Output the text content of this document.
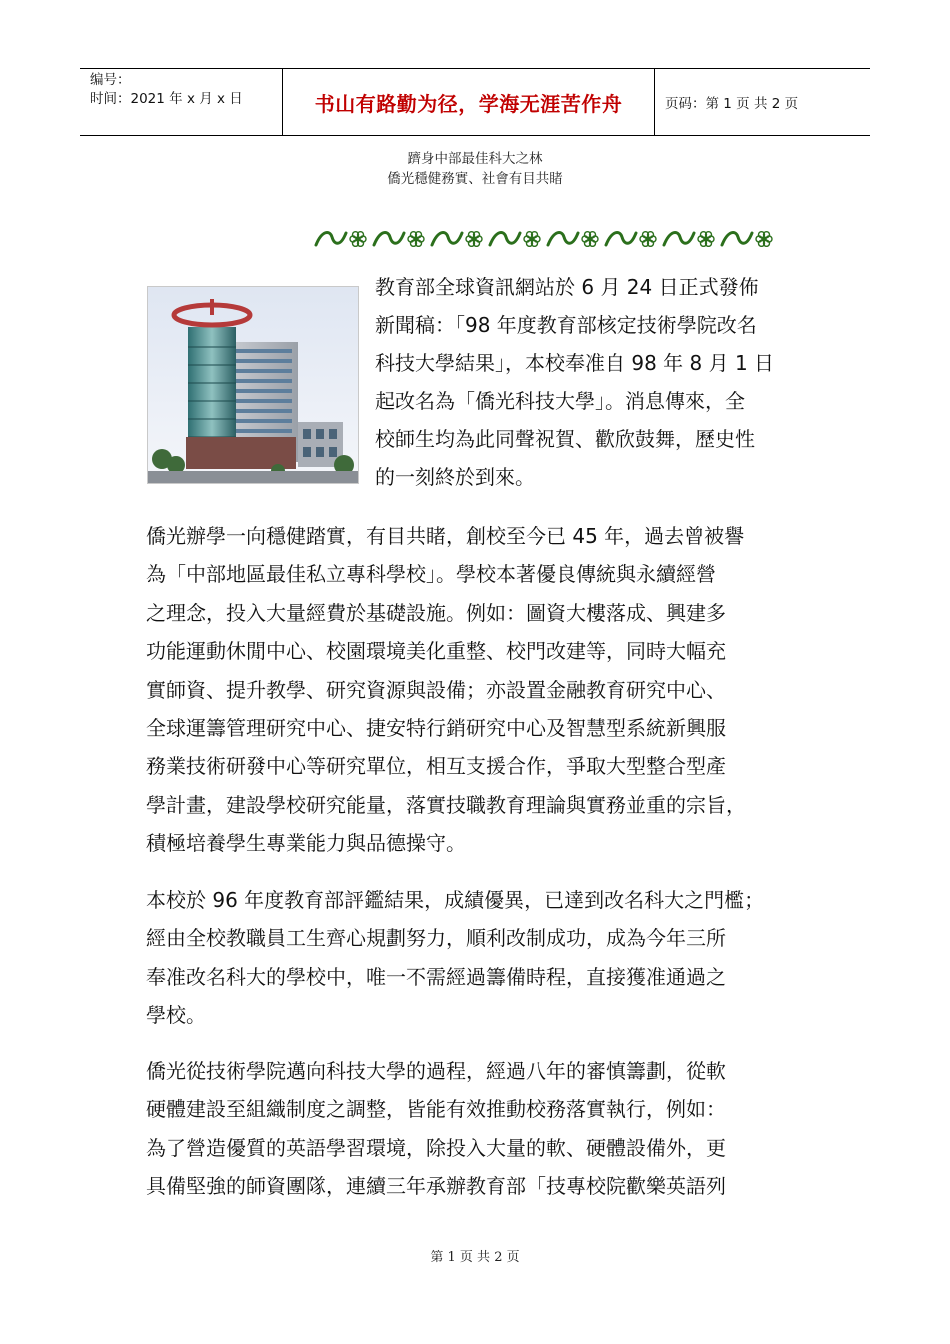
编号：
时间：2021 年 x 月 x 日	书山有路勤为径，学海无涯苦作舟	页码：第 1 页 共 2 页
躋身中部最佳科大之林
僑光穩健務實、社會有目共睹
教育部全球資訊網站於 6 月 24 日正式發佈
新聞稿：「98 年度教育部核定技術學院改名
科技大學結果」，本校奉准自 98 年 8 月 1 日
起改名為「僑光科技大學」。消息傳來，全
校師生均為此同聲祝賀、歡欣鼓舞，歷史性
的一刻終於到來。
僑光辦學一向穩健踏實，有目共睹，創校至今已 45 年，過去曾被譽
為「中部地區最佳私立專科學校」。學校本著優良傳統與永續經營
之理念，投入大量經費於基礎設施。例如：圖資大樓落成、興建多
功能運動休閒中心、校園環境美化重整、校門改建等，同時大幅充
實師資、提升教學、研究資源與設備；亦設置金融教育研究中心、
全球運籌管理研究中心、捷安特行銷研究中心及智慧型系統新興服
務業技術研發中心等研究單位，相互支援合作，爭取大型整合型產
學計畫，建設學校研究能量，落實技職教育理論與實務並重的宗旨，
積極培養學生專業能力與品德操守。
本校於 96 年度教育部評鑑結果，成績優異，已達到改名科大之門檻；
經由全校教職員工生齊心規劃努力，順利改制成功，成為今年三所
奉准改名科大的學校中，唯一不需經過籌備時程，直接獲准通過之
學校。
僑光從技術學院邁向科技大學的過程，經過八年的審慎籌劃，從軟
硬體建設至組織制度之調整，皆能有效推動校務落實執行，例如：
為了營造優質的英語學習環境，除投入大量的軟、硬體設備外，更
具備堅強的師資團隊，連續三年承辦教育部「技專校院歡樂英語列
第 1 页 共 2 页
